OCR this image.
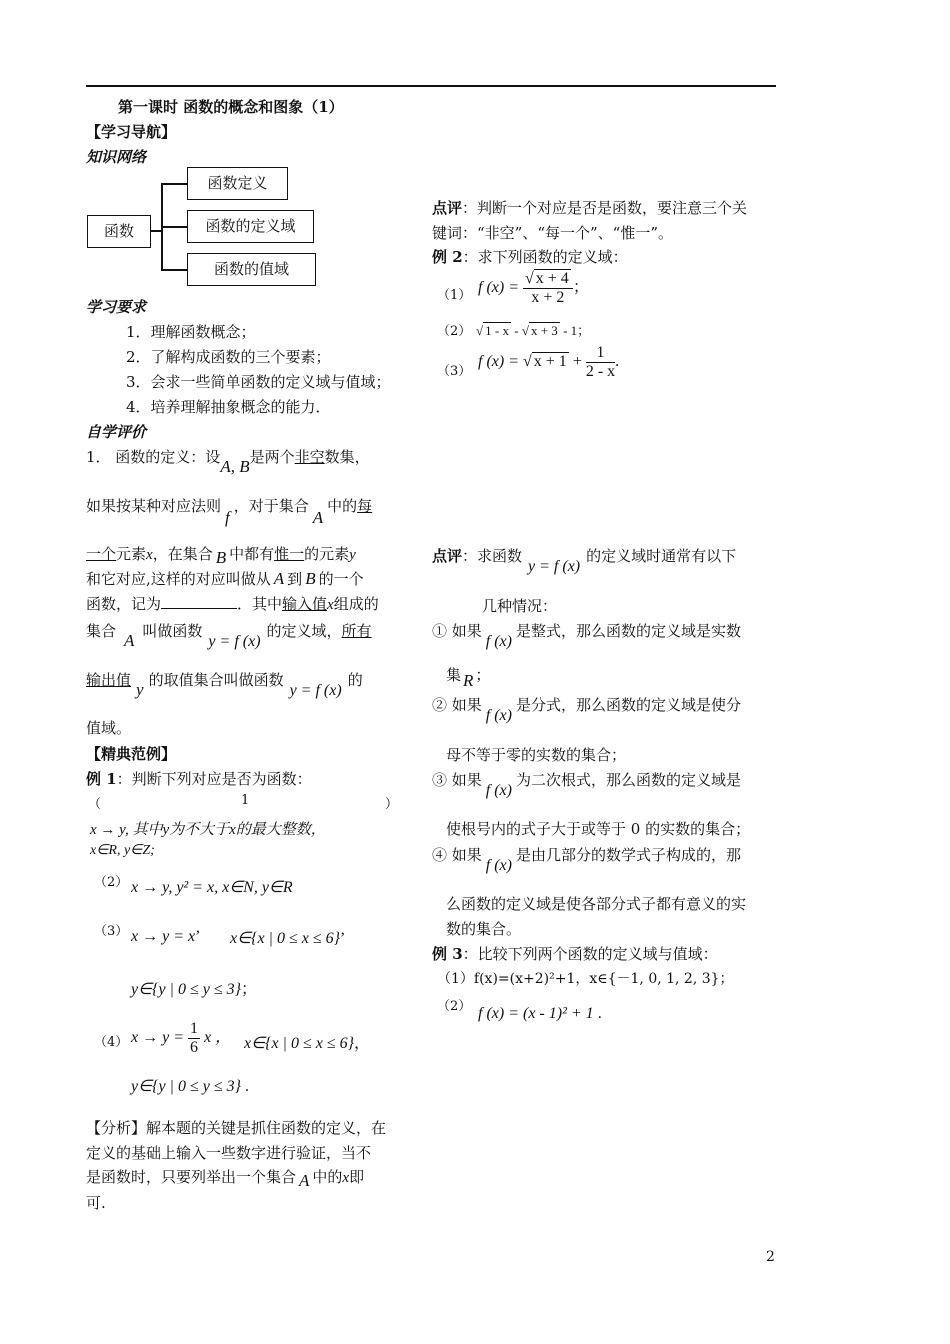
第一课时 函数的概念和图象（1）
【学习导航】
知识网络
函数
函数定义
函数的定义域
函数的值域
学习要求
1．理解函数概念；
2．了解构成函数的三个要素；
3．会求一些简单函数的定义域与值域；
4．培养理解抽象概念的能力．
自学评价
1． 函数的定义：设A, B是两个非空数集，
如果按某种对应法则f，对于集合A中的每
一个元素x，在集合 B 中都有惟一的元素y
和它对应,这样的对应叫做从 A 到 B 的一个
函数，记为	．其中输入值x组成的
集合 A 叫做函数y = f (x)的定义域，所有
输出值 y 的取值集合叫做函数y = f (x)的
值域。
【精典范例】
例 1：判断下列对应是否为函数：
（	1	）
x → y, 其中y为不大于x的最大整数，
x∈R, y∈Z;
（2） x → y, y² = x, x∈N, y∈R
（3） x → y = x’ x∈{x | 0 ≤ x ≤ 6}’
y∈{y | 0 ≤ y ≤ 3}；
（4） $x \to y = \frac{1}{6}$ x ， x∈{x | 0 ≤ x ≤ 6}，
y∈{y | 0 ≤ y ≤ 3} .
【分析】解本题的关键是抓住函数的定义，在
定义的基础上输入一些数字进行验证，当不
是函数时，只要列举出一个集合 A 中的x即
可.
点评：判断一个对应是否是函数，要注意三个关
键词：“非空”、“每一个”、“惟一”。
例 2：求下列函数的定义域：
（1） f $(x) = \frac{√ x + 4}{x + 2}$ ；
（2） √ 1 - x - √ x + 3 - 1；
（3）
f (x) = √ $x + 1 + \frac{1}{2 - x}$ .
点评：求函数y = f (x)的定义域时通常有以下
几种情况：
① 如果f (x)是整式，那么函数的定义域是实数
集 R ；
② 如果f (x)是分式，那么函数的定义域是使分
母不等于零的实数的集合；
③ 如果f (x)为二次根式，那么函数的定义域是
使根号内的式子大于或等于 0 的实数的集合；
④ 如果f (x)是由几部分的数学式子构成的，那
么函数的定义域是使各部分式子都有意义的实
数的集合。
例 3：比较下列两个函数的定义域与值域：
（1）f(x)=(x+2)²+1，x∈{－1, 0, 1, 2, 3}；
（2） f (x) = (x - 1)² + 1 .
2
